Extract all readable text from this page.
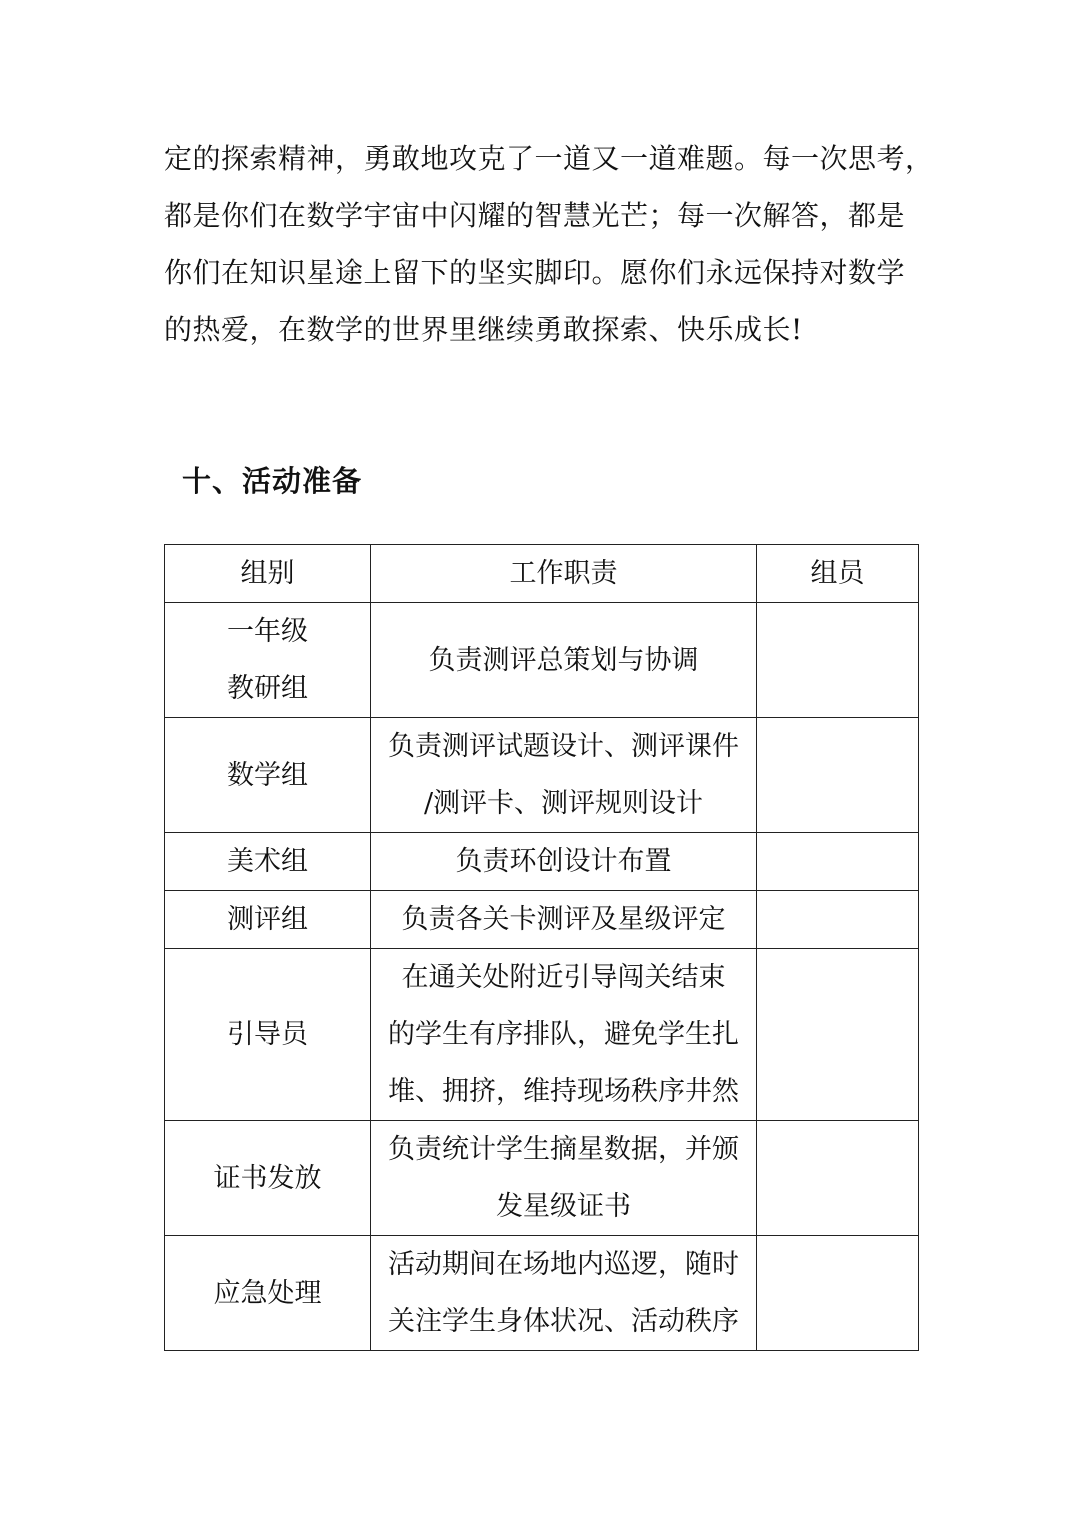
定的探索精神，勇敢地攻克了一道又一道难题。每一次思考，
都是你们在数学宇宙中闪耀的智慧光芒；每一次解答，都是
你们在知识星途上留下的坚实脚印。愿你们永远保持对数学
的热爱，在数学的世界里继续勇敢探索、快乐成长!
十、活动准备
组别	工作职责	组员

一年级
教研组	负责测评总策划与协调	

数学组	负责测评试题设计、测评课件
/测评卡、测评规则设计	

美术组	负责环创设计布置	

测评组	负责各关卡测评及星级评定	

引导员	在通关处附近引导闯关结束
的学生有序排队，避免学生扎
堆、拥挤，维持现场秩序井然	

证书发放	负责统计学生摘星数据，并颁
发星级证书	

应急处理	活动期间在场地内巡逻，随时
关注学生身体状况、活动秩序	
